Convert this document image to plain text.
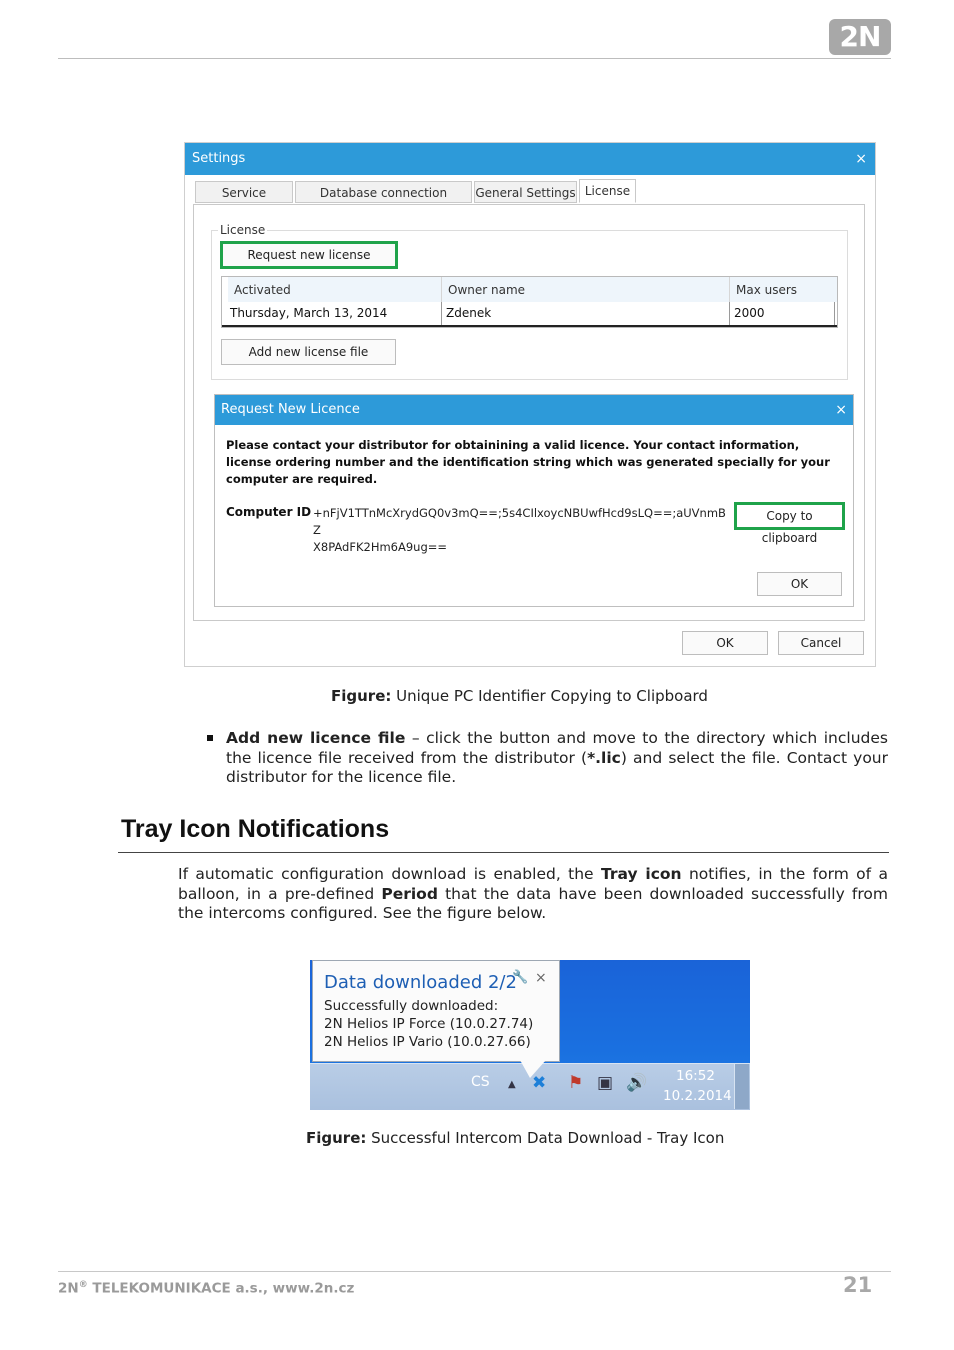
2N
Settings	×
Service	Database connection	General Settings License
License
Request new license
Activated	Owner name	Max users
Thursday, March 13, 2014	Zdenek	2000
Add new license file
Request New Licence	×
Please contact your distributor for obtainining a valid licence. Your contact information, license ordering number and the identification string which was generated specially for your computer are required.
Computer ID +nFjV1TTnMcXrydGQ0v3mQ==;5s4CIlxoycNBUwfHcd9sLQ==;aUVnmBZ
X8PAdFK2Hm6A9ug==
Copy to clipboard
OK
OK	Cancel
Figure: Unique PC Identifier Copying to Clipboard
Add new licence file – click the button and move to the directory which includes the licence file received from the distributor (*.lic) and select the file. Contact your distributor for the licence file.
Tray Icon Notifications
If automatic configuration download is enabled, the Tray icon notifies, in the form of a balloon, in a pre-defined Period that the data have been downloaded successfully from the intercoms configured. See the figure below.
Data downloaded 2/2
🔧 ×
Successfully downloaded:
2N Helios IP Force (10.0.27.74)
2N Helios IP Vario (10.0.27.66)
CS ▲ ✖ ⚑ ▣ 🔊 16:52
10.2.2014
Figure: Successful Intercom Data Download - Tray Icon
2N® TELEKOMUNIKACE a.s., www.2n.cz	21
